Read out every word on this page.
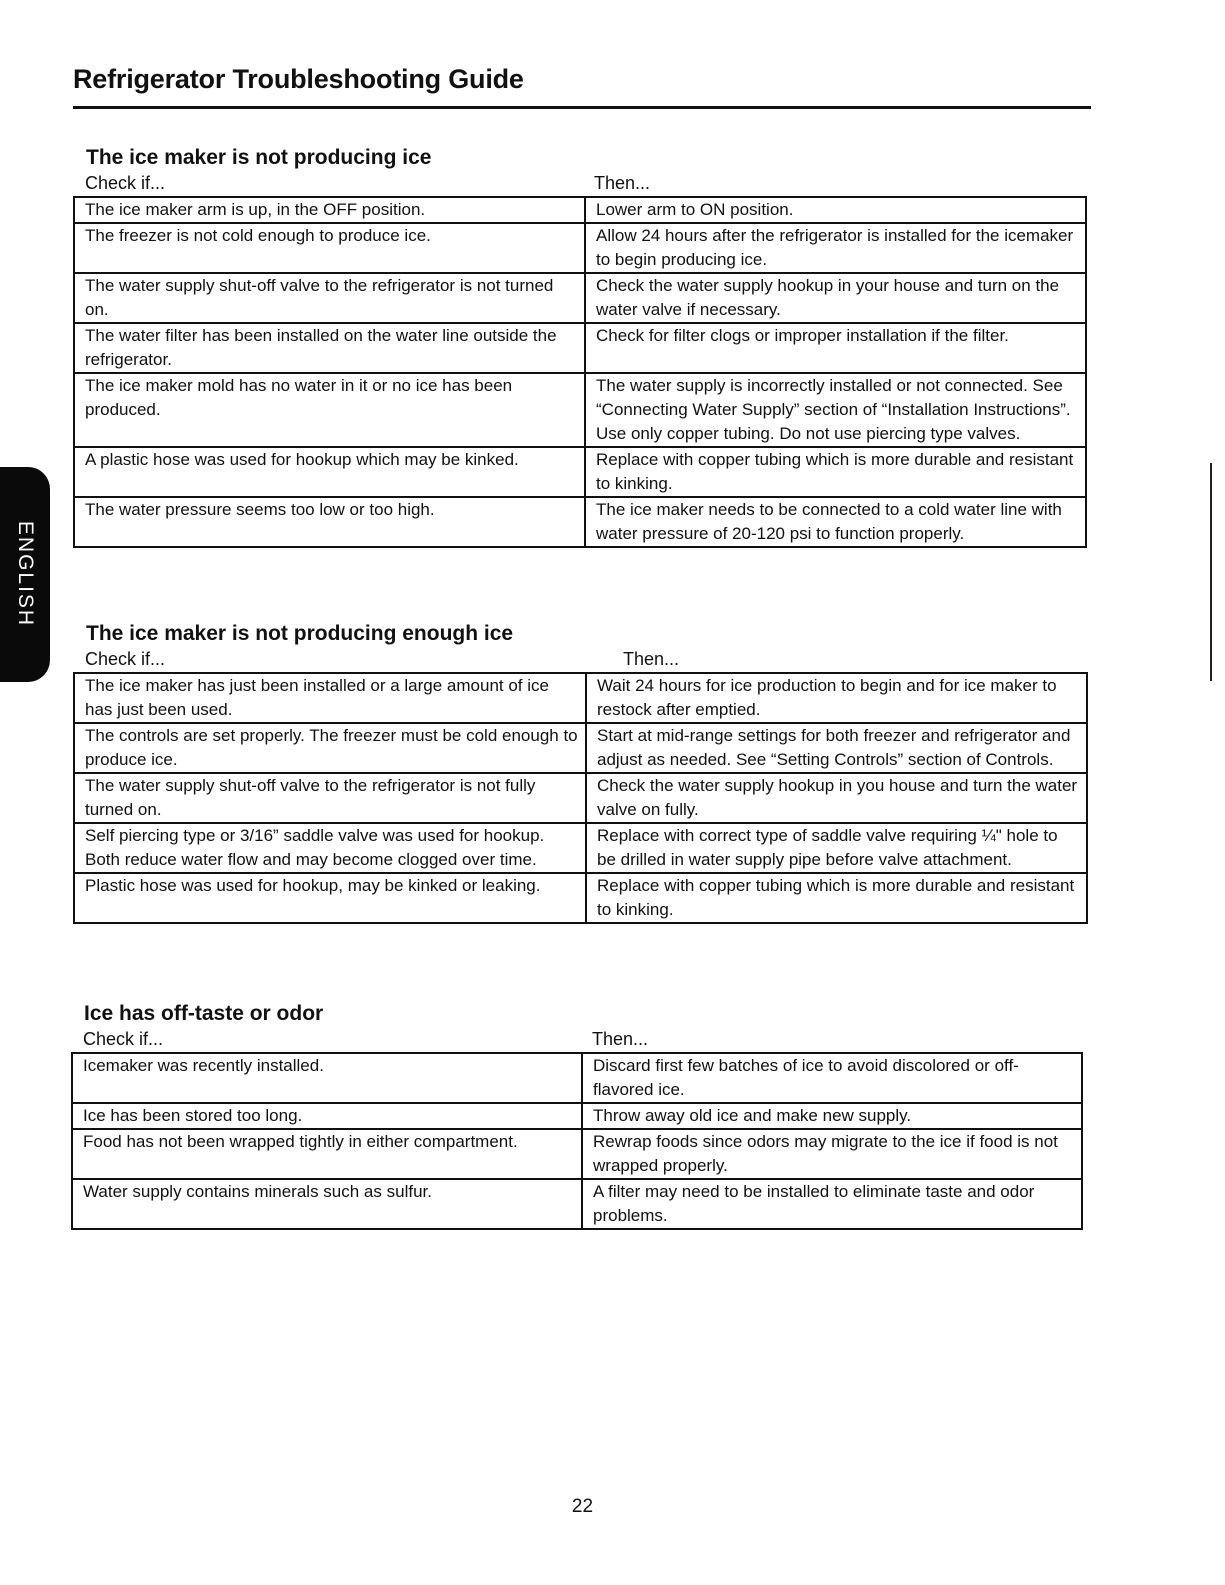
Refrigerator Troubleshooting Guide
ENGLISH
The ice maker is not producing ice
Check if...	Then...
The ice maker arm is up, in the OFF position.	Lower arm to ON position.
The freezer is not cold enough to produce ice.	Allow 24 hours after the refrigerator is installed for the icemaker to begin producing ice.
The water supply shut-off valve to the refrigerator is not turned on.	Check the water supply hookup in your house and turn on the water valve if necessary.
The water filter has been installed on the water line outside the refrigerator.	Check for filter clogs or improper installation if the filter.
The ice maker mold has no water in it or no ice has been produced.	The water supply is incorrectly installed or not connected. See “Connecting Water Supply” section of “Installation Instructions”. Use only copper tubing. Do not use piercing type valves.
A plastic hose was used for hookup which may be kinked.	Replace with copper tubing which is more durable and resistant to kinking.
The water pressure seems too low or too high.	The ice maker needs to be connected to a cold water line with water pressure of 20-120 psi to function properly.
The ice maker is not producing enough ice
Check if...	Then...
The ice maker has just been installed or a large amount of ice has just been used.	Wait 24 hours for ice production to begin and for ice maker to restock after emptied.
The controls are set properly. The freezer must be cold enough to produce ice.	Start at mid-range settings for both freezer and refrigerator and adjust as needed. See “Setting Controls” section of Controls.
The water supply shut-off valve to the refrigerator is not fully turned on.	Check the water supply hookup in you house and turn the water valve on fully.
Self piercing type or 3/16” saddle valve was used for hookup. Both reduce water flow and may become clogged over time.	Replace with correct type of saddle valve requiring ¼" hole to be drilled in water supply pipe before valve attachment.
Plastic hose was used for hookup, may be kinked or leaking.	Replace with copper tubing which is more durable and resistant to kinking.
Ice has off-taste or odor
Check if...	Then...
Icemaker was recently installed.	Discard first few batches of ice to avoid discolored or off-flavored ice.
Ice has been stored too long.	Throw away old ice and make new supply.
Food has not been wrapped tightly in either compartment.	Rewrap foods since odors may migrate to the ice if food is not wrapped properly.
Water supply contains minerals such as sulfur.	A filter may need to be installed to eliminate taste and odor problems.
22
